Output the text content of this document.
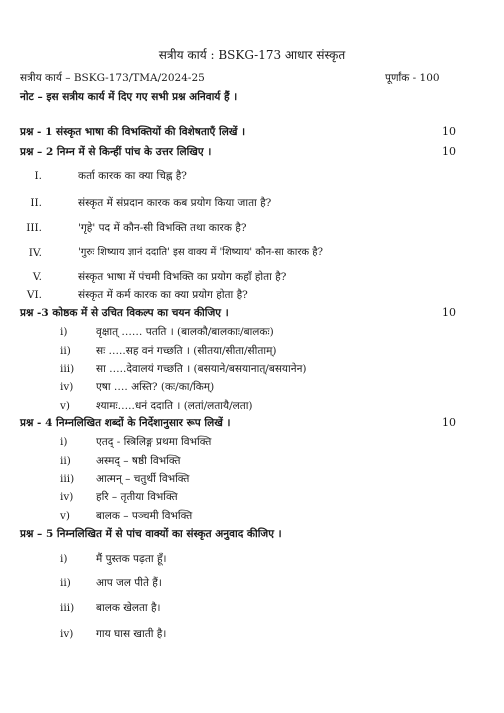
सत्रीय कार्य : BSKG-173 आधार संस्कृत
सत्रीय कार्य – BSKG-173/TMA/2024-25	पूर्णांक - 100
नोट – इस सत्रीय कार्य में दिए गए सभी प्रश्न अनिवार्य हैं ।
प्रश्न - 1 संस्कृत भाषा की विभक्तियों की विशेषताएँ लिखें ।	10
प्रश्न – 2 निम्न में से किन्हीं पांच के उत्तर लिखिए ।	10
I.	कर्ता कारक का क्या चिह्न है?
II.	संस्कृत में संप्रदान कारक कब प्रयोग किया जाता है?
III.	'गृहे' पद में कौन-सी विभक्ति तथा कारक है?
IV.	'गुरुः शिष्याय ज्ञानं ददाति' इस वाक्य में 'शिष्याय' कौन-सा कारक है?
V.	संस्कृत भाषा में पंचमी विभक्ति का प्रयोग कहाँ होता है?
VI.	संस्कृत में कर्म कारक का क्या प्रयोग होता है?
प्रश्न -3 कोष्ठक में से उचित विकल्प का चयन कीजिए ।	10
i)	वृक्षात् …… पतति । (बालकौ/बालकाः/बालकः)
ii) सः …..सह वनं गच्छति । (सीतया/सीता/सीताम्)
iii) सा …..देवालयं गच्छति । (बसयाने/बसयानात्/बसयानेन)
iv) एषा …. अस्ति? (कः/का/किम्)
v) श्यामः…..धनं ददाति । (लतां/लतायै/लता)
प्रश्न - 4 निम्नलिखित शब्दों के निर्देशानुसार रूप लिखें ।	10
i)	एतद् - स्त्रिलिङ्ग प्रथमा विभक्ति
ii) अस्मद् – षष्ठी विभक्ति
iii) आत्मन् – चतुर्थी विभक्ति
iv) हरि – तृतीया विभक्ति
v) बालक – पञ्चमी विभक्ति
प्रश्न – 5 निम्नलिखित में से पांच वाक्यों का संस्कृत अनुवाद कीजिए ।
i)	मैं पुस्तक पढ़ता हूँ।
ii) आप जल पीते हैं।
iii) बालक खेलता है।
iv) गाय घास खाती है।
